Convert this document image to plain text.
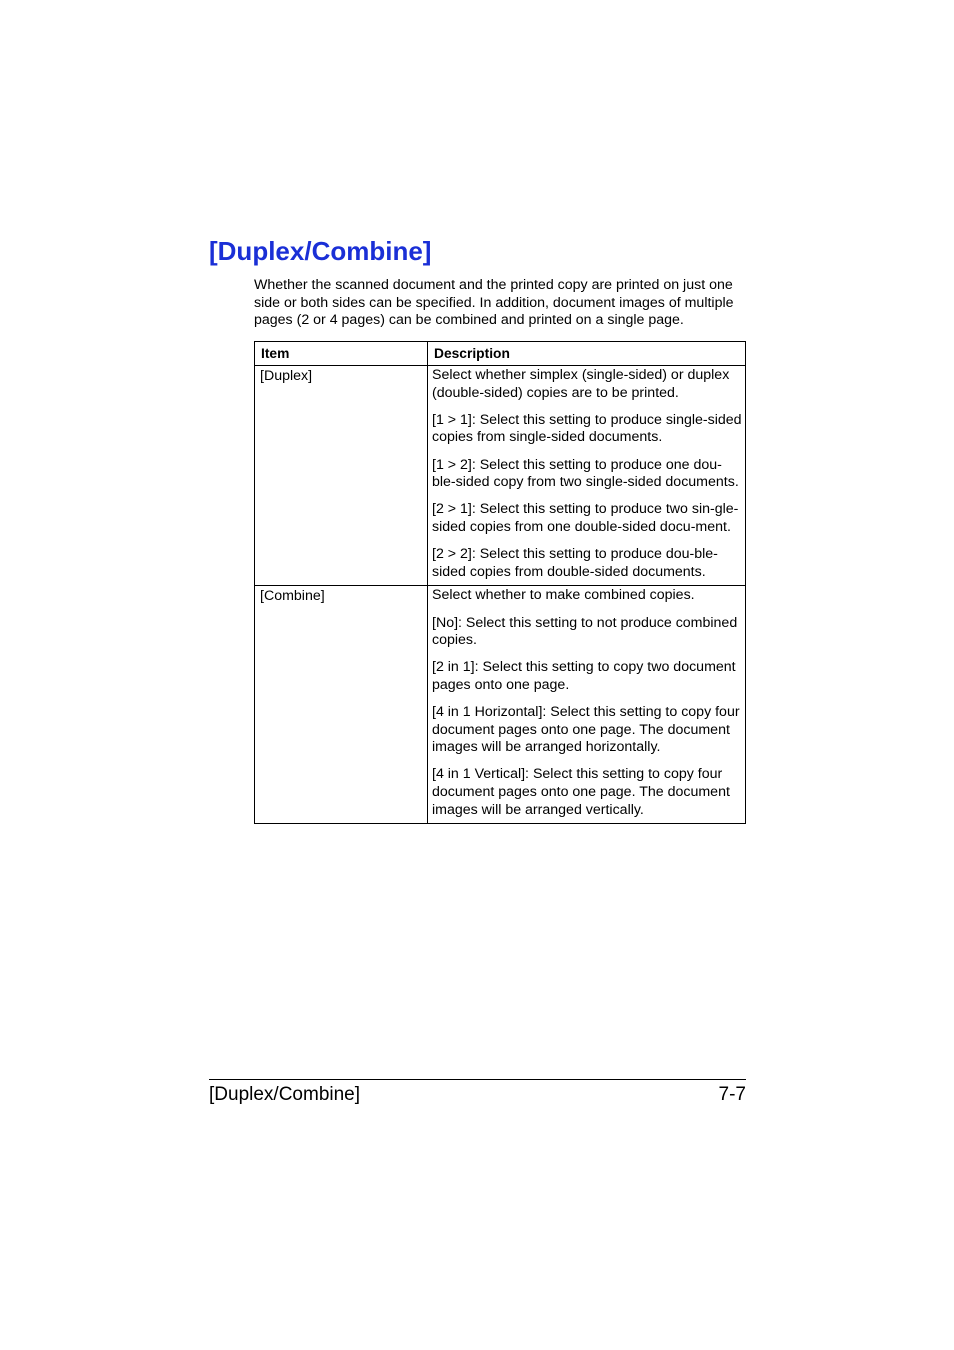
[Duplex/Combine]

Whether the scanned document and the printed copy are printed on just one side or both sides can be specified. In addition, document images of multiple pages (2 or 4 pages) can be combined and printed on a single page.

Item	Description
[Duplex]	Select whether simplex (single-sided) or duplex (double-sided) copies are to be printed.

[1 > 1]: Select this setting to produce single-sided copies from single-sided documents.

[1 > 2]: Select this setting to produce one dou-ble-sided copy from two single-sided documents.

[2 > 1]: Select this setting to produce two sin-gle-sided copies from one double-sided docu-ment.

[2 > 2]: Select this setting to produce dou-ble-sided copies from double-sided documents.

[Combine]	Select whether to make combined copies.

[No]: Select this setting to not produce combined copies.

[2 in 1]: Select this setting to copy two document pages onto one page.

[4 in 1 Horizontal]: Select this setting to copy four document pages onto one page. The document images will be arranged horizontally.

[4 in 1 Vertical]: Select this setting to copy four document pages onto one page. The document images will be arranged vertically.

[Duplex/Combine]	7-7
